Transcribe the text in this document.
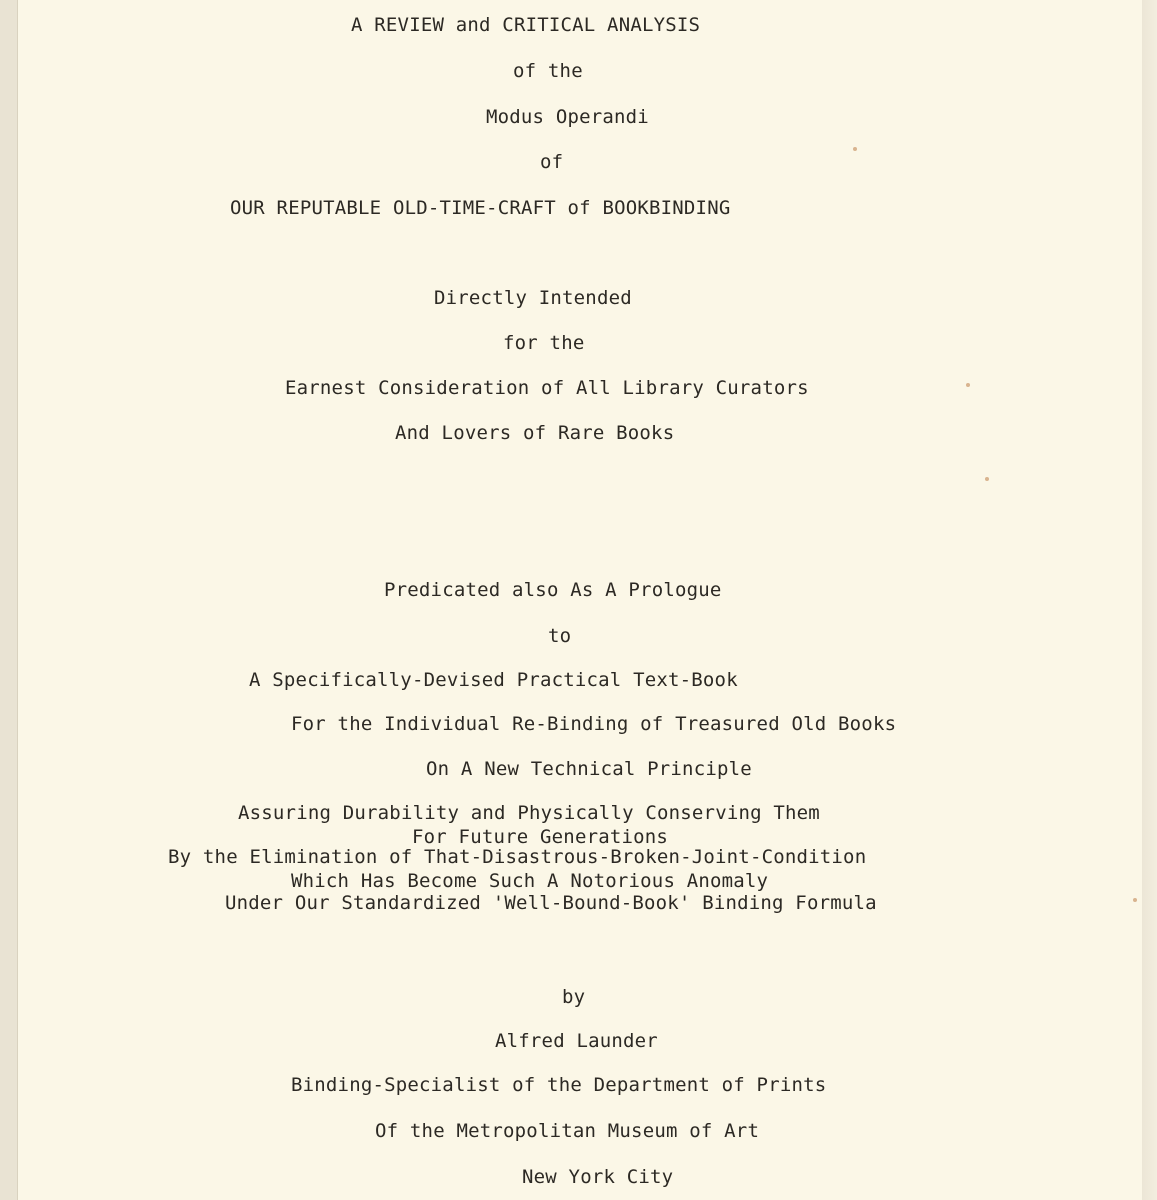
A REVIEW and CRITICAL ANALYSIS
of the
Modus Operandi
of
OUR REPUTABLE OLD-TIME-CRAFT of BOOKBINDING
Directly Intended
for the
Earnest Consideration of All Library Curators
And Lovers of Rare Books
Predicated also As A Prologue
to
A Specifically-Devised Practical Text-Book
For the Individual Re-Binding of Treasured Old Books
On A New Technical Principle
Assuring Durability and Physically Conserving Them
For Future Generations
By the Elimination of That-Disastrous-Broken-Joint-Condition
Which Has Become Such A Notorious Anomaly
Under Our Standardized 'Well-Bound-Book' Binding Formula
by
Alfred Launder
Binding-Specialist of the Department of Prints
Of the Metropolitan Museum of Art
New York City
